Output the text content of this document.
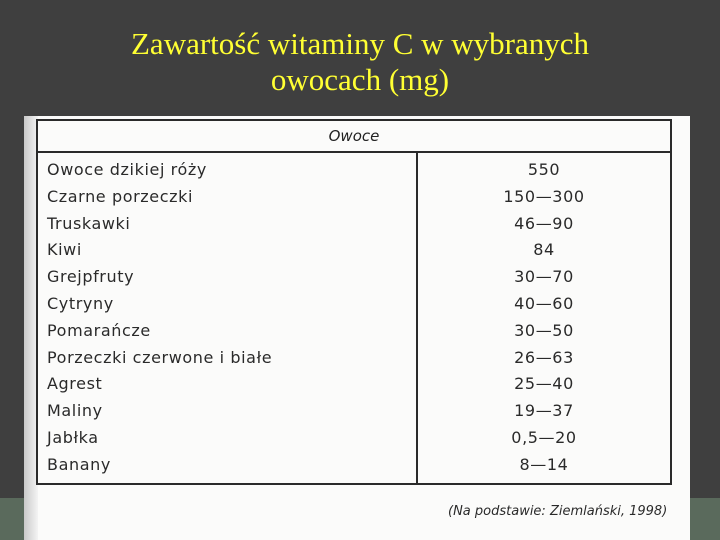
Zawartość witaminy C w wybranych
owocach (mg)
Owoce
Owoce dzikiej róży	550
Czarne porzeczki	150—300
Truskawki	46—90
Kiwi	84
Grejpfruty	30—70
Cytryny	40—60
Pomarańcze	30—50
Porzeczki czerwone i białe	26—63
Agrest	25—40
Maliny	19—37
Jabłka	0,5—20
Banany	8—14
(Na podstawie: Ziemlański, 1998)
